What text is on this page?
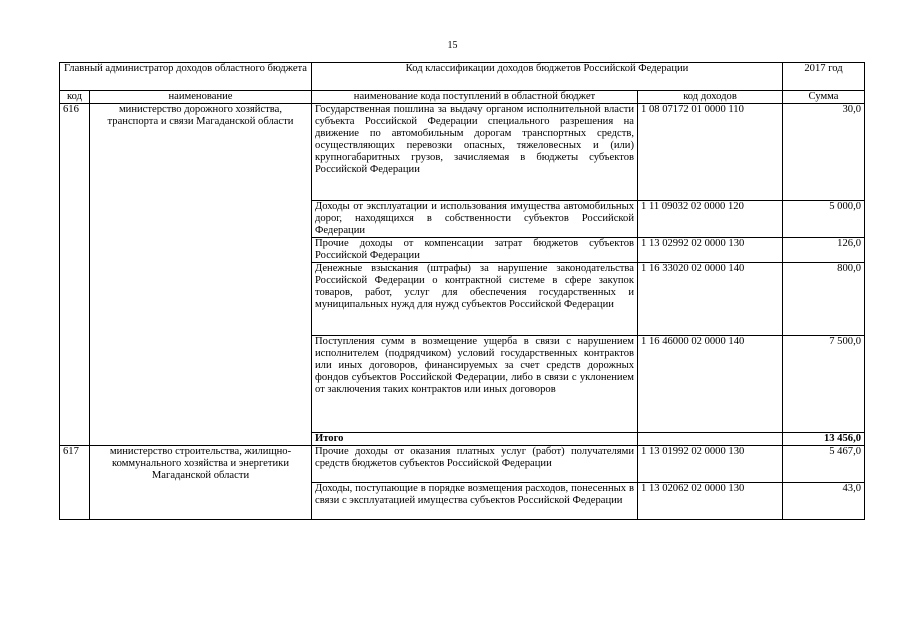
15
Главный администратор доходов областного бюджета		Код классификации доходов бюджетов Российской Федерации		2017 год
код	наименование	наименование кода поступлений в областной бюджет	код доходов	Сумма
616	министерство дорожного хозяйства, транспорта и связи Магаданской области	Государственная пошлина за выдачу органом исполнительной власти субъекта Российской Федерации специального разрешения на движение по автомобильным дорогам транспортных средств, осуществляющих перевозки опасных, тяжеловесных и (или) крупногабаритных грузов, зачисляемая в бюджеты субъектов Российской Федерации	1 08 07172 01 0000 110	30,0

		Доходы от эксплуатации и использования имущества автомобильных дорог, находящихся в собственности субъектов Российской Федерации	1 11 09032 02 0000 120	5 000,0

		Прочие доходы от компенсации затрат бюджетов субъектов Российской Федерации	1 13 02992 02 0000 130	126,0

		Денежные взыскания (штрафы) за нарушение законодательства Российской Федерации о контрактной системе в сфере закупок товаров, работ, услуг для обеспечения государственных и муниципальных нужд для нужд субъектов Российской Федерации	1 16 33020 02 0000 140	800,0

		Поступления сумм в возмещение ущерба в связи с нарушением исполнителем (подрядчиком) условий государственных контрактов или иных договоров, финансируемых за счет средств дорожных фондов субъектов Российской Федерации, либо в связи с уклонением от заключения таких контрактов или иных договоров	1 16 46000 02 0000 140	7 500,0
		Итого		13 456,0
617	министерство строительства, жилищно-коммунального хозяйства и энергетики Магаданской области	Прочие доходы от оказания платных услуг (работ) получателями средств бюджетов субъектов Российской Федерации	1 13 01992 02 0000 130	5 467,0

		Доходы, поступающие в порядке возмещения расходов, понесенных в связи с эксплуатацией имущества субъектов Российской Федерации	1 13 02062 02 0000 130	43,0
